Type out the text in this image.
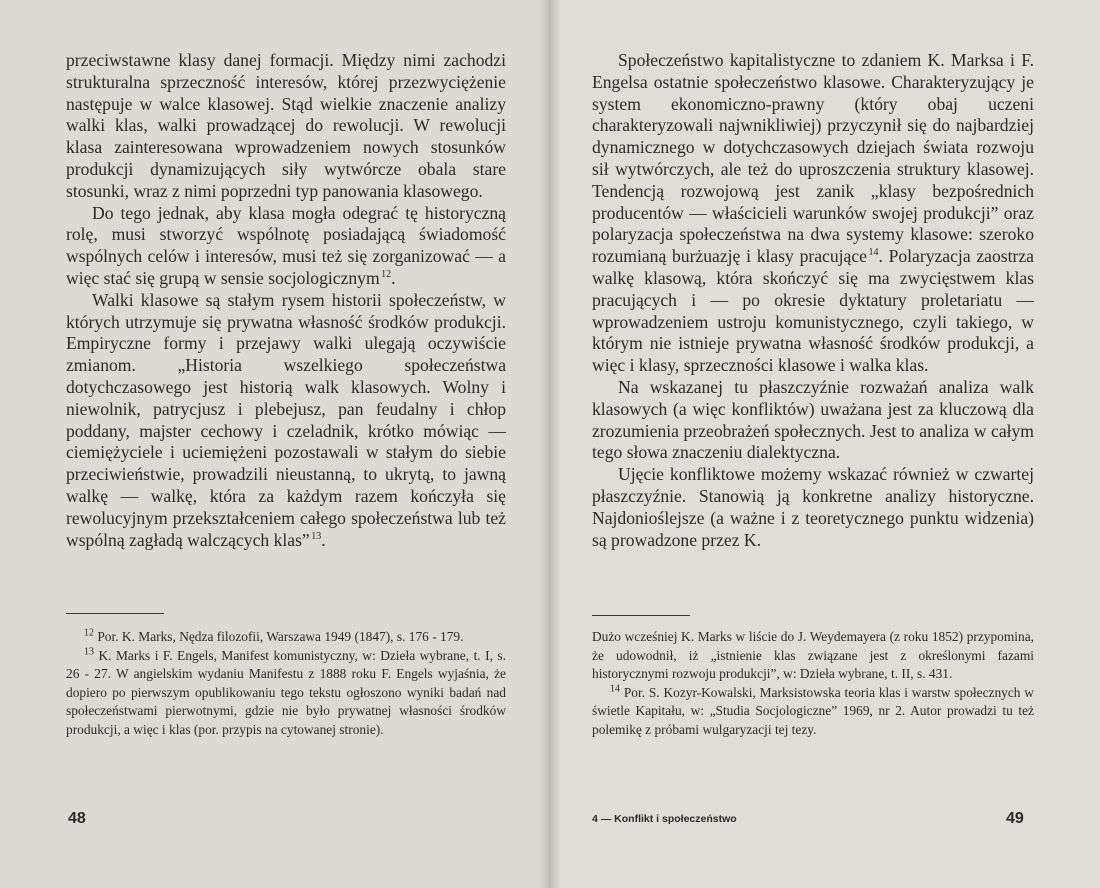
przeciwstawne klasy danej formacji. Między nimi zachodzi strukturalna sprzeczność interesów, której przezwyciężenie następuje w walce klasowej. Stąd wielkie znaczenie analizy walki klas, walki prowadzącej do rewolucji. W rewolucji klasa zainteresowana wprowadzeniem nowych stosunków produkcji dynamizujących siły wytwórcze obala stare stosunki, wraz z nimi poprzedni typ panowania klasowego.

Do tego jednak, aby klasa mogła odegrać tę historyczną rolę, musi stworzyć wspólnotę posiadającą świadomość wspólnych celów i interesów, musi też się zorganizować — a więc stać się grupą w sensie socjologicznym $^{12}$.

Walki klasowe są stałym rysem historii społeczeństw, w których utrzymuje się prywatna własność środków produkcji. Empiryczne formy i przejawy walki ulegają oczywiście zmianom. „Historia wszelkiego społeczeństwa dotychczasowego jest historią walk klasowych. Wolny i niewolnik, patrycjusz i plebejusz, pan feudalny i chłop poddany, majster cechowy i czeladnik, krótko mówiąc — ciemiężyciele i uciemiężeni pozostawali w stałym do siebie przeciwieństwie, prowadzili nieustanną, to ukrytą, to jawną walkę — walkę, która za każdym razem kończyła się rewolucyjnym przekształceniem całego społeczeństwa lub też wspólną zagładą walczących klas” $^{13}$.

$^{12}$ Por. K. Marks, Nędza filozofii, Warszawa 1949 (1847), s. 176 - 179.

$^{13}$ K. Marks i F. Engels, Manifest komunistyczny, w: Dzieła wybrane, t. I, s. 26 - 27. W angielskim wydaniu Manifestu z 1888 roku F. Engels wyjaśnia, że dopiero po pierwszym opublikowaniu tego tekstu ogłoszono wyniki badań nad społeczeństwami pierwotnymi, gdzie nie było prywatnej własności środków produkcji, a więc i klas (por. przypis na cytowanej stronie).

48

Społeczeństwo kapitalistyczne to zdaniem K. Marksa i F. Engelsa ostatnie społeczeństwo klasowe. Charakteryzujący je system ekonomiczno-prawny (który obaj uczeni charakteryzowali najwnikliwiej) przyczynił się do najbardziej dynamicznego w dotychczasowych dziejach świata rozwoju sił wytwórczych, ale też do uproszczenia struktury klasowej. Tendencją rozwojową jest zanik „klasy bezpośrednich producentów — właścicieli warunków swojej produkcji” oraz polaryzacja społeczeństwa na dwa systemy klasowe: szeroko rozumianą burżuazję i klasy pracujące $^{14}$. Polaryzacja zaostrza walkę klasową, która skończyć się ma zwycięstwem klas pracujących i — po okresie dyktatury proletariatu — wprowadzeniem ustroju komunistycznego, czyli takiego, w którym nie istnieje prywatna własność środków produkcji, a więc i klasy, sprzeczności klasowe i walka klas.

Na wskazanej tu płaszczyźnie rozważań analiza walk klasowych (a więc konfliktów) uważana jest za kluczową dla zrozumienia przeobrażeń społecznych. Jest to analiza w całym tego słowa znaczeniu dialektyczna.

Ujęcie konfliktowe możemy wskazać również w czwartej płaszczyźnie. Stanowią ją konkretne analizy historyczne. Najdonioślejsze (a ważne i z teoretycznego punktu widzenia) są prowadzone przez K.

Dużo wcześniej K. Marks w liście do J. Weydemayera (z roku 1852) przypomina, że udowodnił, iż „istnienie klas związane jest z określonymi fazami historycznymi rozwoju produkcji”, w: Dzieła wybrane, t. II, s. 431.

$^{14}$ Por. S. Kozyr-Kowalski, Marksistowska teoria klas i warstw społecznych w świetle Kapitału, w: „Studia Socjologiczne” 1969, nr 2. Autor prowadzi tu też polemikę z próbami wulgaryzacji tej tezy.

4 — Konflikt i społeczeństwo	49
